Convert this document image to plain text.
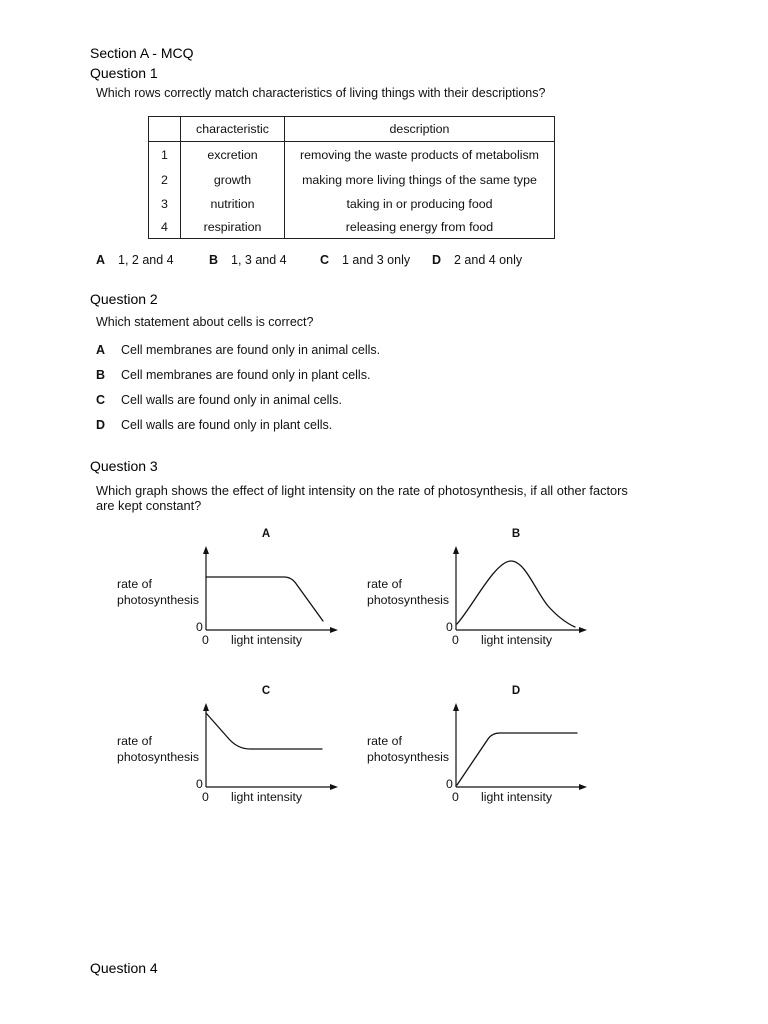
Section A - MCQ
Question 1
Which rows correctly match characteristics of living things with their descriptions?
	characteristic	description
1	excretion	removing the waste products of metabolism
2	growth	making more living things of the same type
3	nutrition	taking in or producing food
4	respiration	releasing energy from food
A 1, 2 and 4	B 1, 3 and 4	C 1 and 3 only D 2 and 4 only
Question 2
Which statement about cells is correct?
A Cell membranes are found only in animal cells.
B Cell membranes are found only in plant cells.
C Cell walls are found only in animal cells.
D Cell walls are found only in plant cells.
Question 3
Which graph shows the effect of light intensity on the rate of photosynthesis, if all other factors
are kept constant?
A
rate of
photosynthesis
0
0 light intensity
B
rate of
photosynthesis
0
0 light intensity
C
rate of
photosynthesis
0
0 light intensity
D
rate of
photosynthesis
0
0 light intensity
Question 4
